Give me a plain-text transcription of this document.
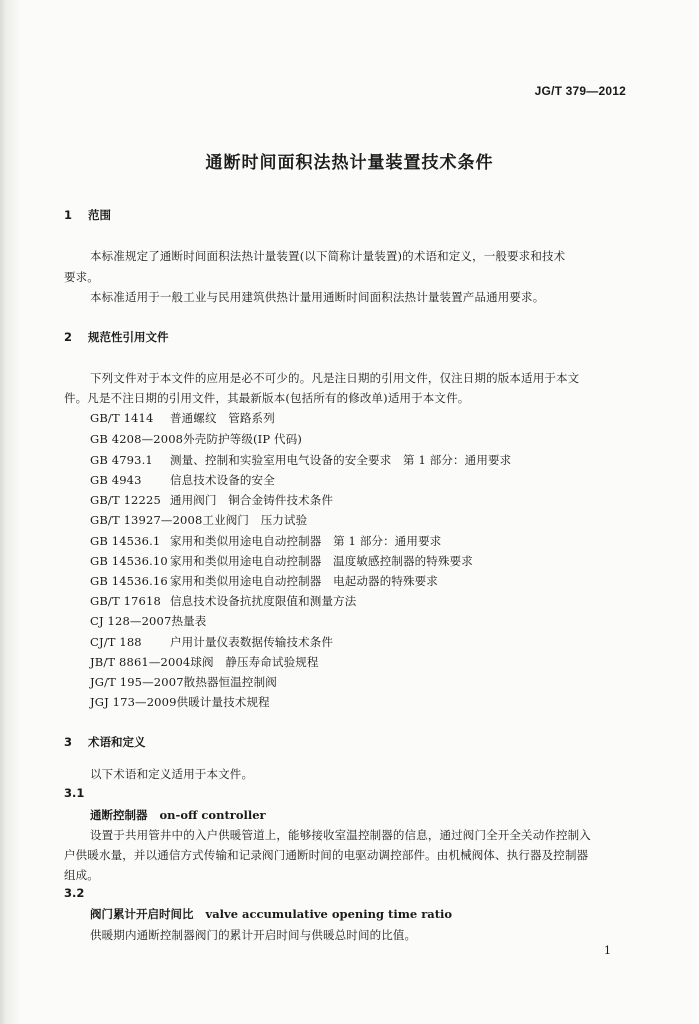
JG/T 379—2012
通断时间面积法热计量装置技术条件
1 范围
本标准规定了通断时间面积法热计量装置(以下简称计量装置)的术语和定义，一般要求和技术
要求。
本标准适用于一般工业与民用建筑供热计量用通断时间面积法热计量装置产品通用要求。
2 规范性引用文件
下列文件对于本文件的应用是必不可少的。凡是注日期的引用文件，仅注日期的版本适用于本文
件。凡是不注日期的引用文件，其最新版本(包括所有的修改单)适用于本文件。
GB/T 1414 普通螺纹　管路系列
GB 4208—2008外壳防护等级(IP 代码)
GB 4793.1 测量、控制和实验室用电气设备的安全要求　第 1 部分：通用要求
GB 4943 信息技术设备的安全
GB/T 12225 通用阀门　铜合金铸件技术条件
GB/T 13927—2008工业阀门　压力试验
GB 14536.1 家用和类似用途电自动控制器　第 1 部分：通用要求
GB 14536.10 家用和类似用途电自动控制器　温度敏感控制器的特殊要求
GB 14536.16 家用和类似用途电自动控制器　电起动器的特殊要求
GB/T 17618 信息技术设备抗扰度限值和测量方法
CJ 128—2007热量表
CJ/T 188 户用计量仪表数据传输技术条件
JB/T 8861—2004球阀　静压寿命试验规程
JG/T 195—2007散热器恒温控制阀
JGJ 173—2009供暖计量技术规程
3 术语和定义
以下术语和定义适用于本文件。
3.1
通断控制器 on-off controller
设置于共用管井中的入户供暖管道上，能够接收室温控制器的信息，通过阀门全开全关动作控制入
户供暖水量，并以通信方式传输和记录阀门通断时间的电驱动调控部件。由机械阀体、执行器及控制器
组成。
3.2
阀门累计开启时间比 valve accumulative opening time ratio
供暖期内通断控制器阀门的累计开启时间与供暖总时间的比值。
1
